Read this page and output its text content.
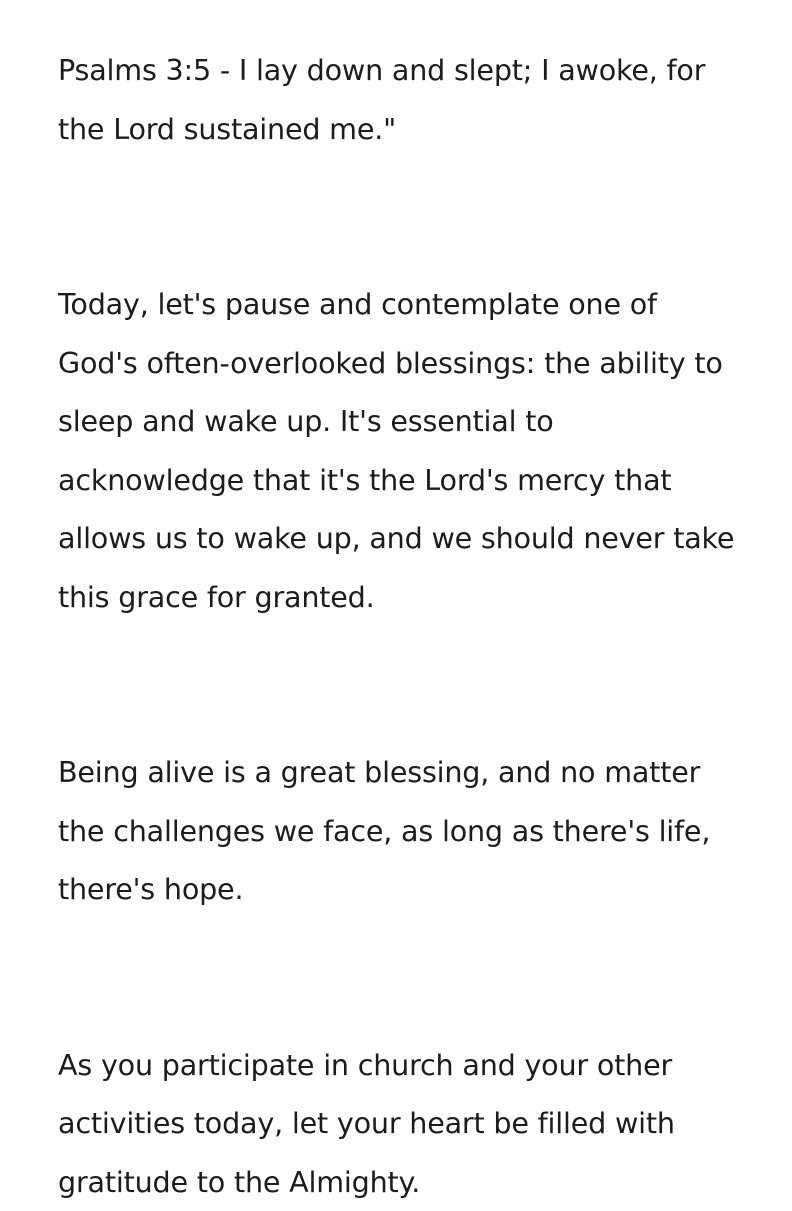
Psalms 3:5 - I lay down and slept; I awoke, for
the Lord sustained me."

Today, let's pause and contemplate one of
God's often-overlooked blessings: the ability to
sleep and wake up. It's essential to
acknowledge that it's the Lord's mercy that
allows us to wake up, and we should never take
this grace for granted.

Being alive is a great blessing, and no matter
the challenges we face, as long as there's life,
there's hope.

As you participate in church and your other
activities today, let your heart be filled with
gratitude to the Almighty.
